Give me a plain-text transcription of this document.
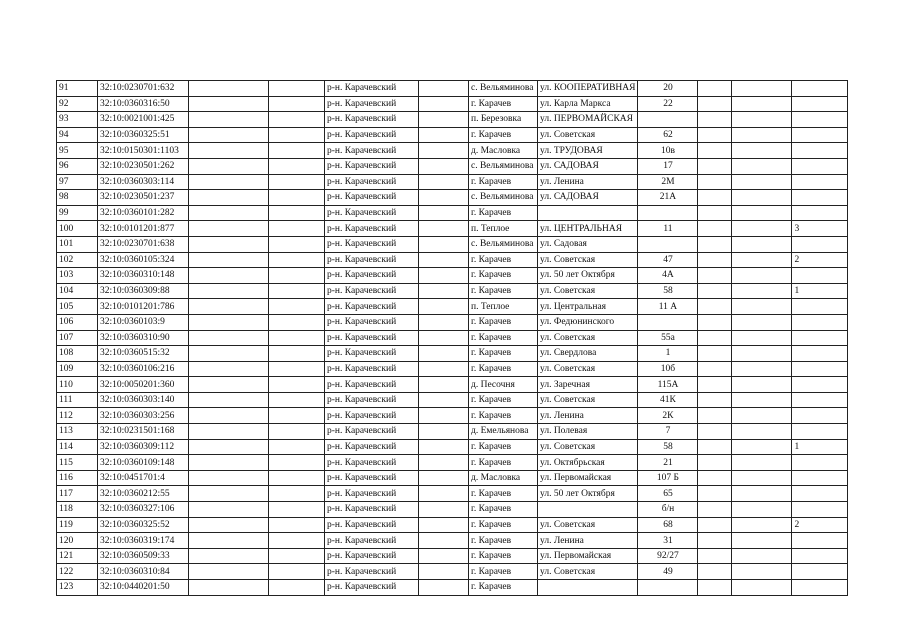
91	32:10:0230701:632			р-н. Карачевский		с. Вельяминова	ул. КООПЕРАТИВНАЯ	20			
92	32:10:0360316:50			р-н. Карачевский		г. Карачев	ул. Карла Маркса	22			
93	32:10:0021001:425			р-н. Карачевский		п. Березовка	ул. ПЕРВОМАЙСКАЯ				
94	32:10:0360325:51			р-н. Карачевский		г. Карачев	ул. Советская	62			
95	32:10:0150301:1103			р-н. Карачевский		д. Масловка	ул. ТРУДОВАЯ	10в			
96	32:10:0230501:262			р-н. Карачевский		с. Вельяминова	ул. САДОВАЯ	17			
97	32:10:0360303:114			р-н. Карачевский		г. Карачев	ул. Ленина	2М			
98	32:10:0230501:237			р-н. Карачевский		с. Вельяминова	ул. САДОВАЯ	21А			
99	32:10:0360101:282			р-н. Карачевский		г. Карачев					
100	32:10:0101201:877			р-н. Карачевский		п. Теплое	ул. ЦЕНТРАЛЬНАЯ	11			3
101	32:10:0230701:638			р-н. Карачевский		с. Вельяминова	ул. Садовая				
102	32:10:0360105:324			р-н. Карачевский		г. Карачев	ул. Советская	47			2
103	32:10:0360310:148			р-н. Карачевский		г. Карачев	ул. 50 лет Октября	4А			
104	32:10:0360309:88			р-н. Карачевский		г. Карачев	ул. Советская	58			1
105	32:10:0101201:786			р-н. Карачевский		п. Теплое	ул. Центральная	11 А			
106	32:10:0360103:9			р-н. Карачевский		г. Карачев	ул. Федюнинского				
107	32:10:0360310:90			р-н. Карачевский		г. Карачев	ул. Советская	55а			
108	32:10:0360515:32			р-н. Карачевский		г. Карачев	ул. Свердлова	1			
109	32:10:0360106:216			р-н. Карачевский		г. Карачев	ул. Советская	10б			
110	32:10:0050201:360			р-н. Карачевский		д. Песочня	ул. Заречная	115А			
111	32:10:0360303:140			р-н. Карачевский		г. Карачев	ул. Советская	41К			
112	32:10:0360303:256			р-н. Карачевский		г. Карачев	ул. Ленина	2К			
113	32:10:0231501:168			р-н. Карачевский		д. Емельянова	ул. Полевая	7			
114	32:10:0360309:112			р-н. Карачевский		г. Карачев	ул. Советская	58			1
115	32:10:0360109:148			р-н. Карачевский		г. Карачев	ул. Октябрьская	21			
116	32:10:0451701:4			р-н. Карачевский		д. Масловка	ул. Первомайская	107 Б			
117	32:10:0360212:55			р-н. Карачевский		г. Карачев	ул. 50 лет Октября	65			
118	32:10:0360327:106			р-н. Карачевский		г. Карачев		б/н			
119	32:10:0360325:52			р-н. Карачевский		г. Карачев	ул. Советская	68			2
120	32:10:0360319:174			р-н. Карачевский		г. Карачев	ул. Ленина	31			
121	32:10:0360509:33			р-н. Карачевский		г. Карачев	ул. Первомайская	92/27			
122	32:10:0360310:84			р-н. Карачевский		г. Карачев	ул. Советская	49			
123	32:10:0440201:50			р-н. Карачевский		г. Карачев					
